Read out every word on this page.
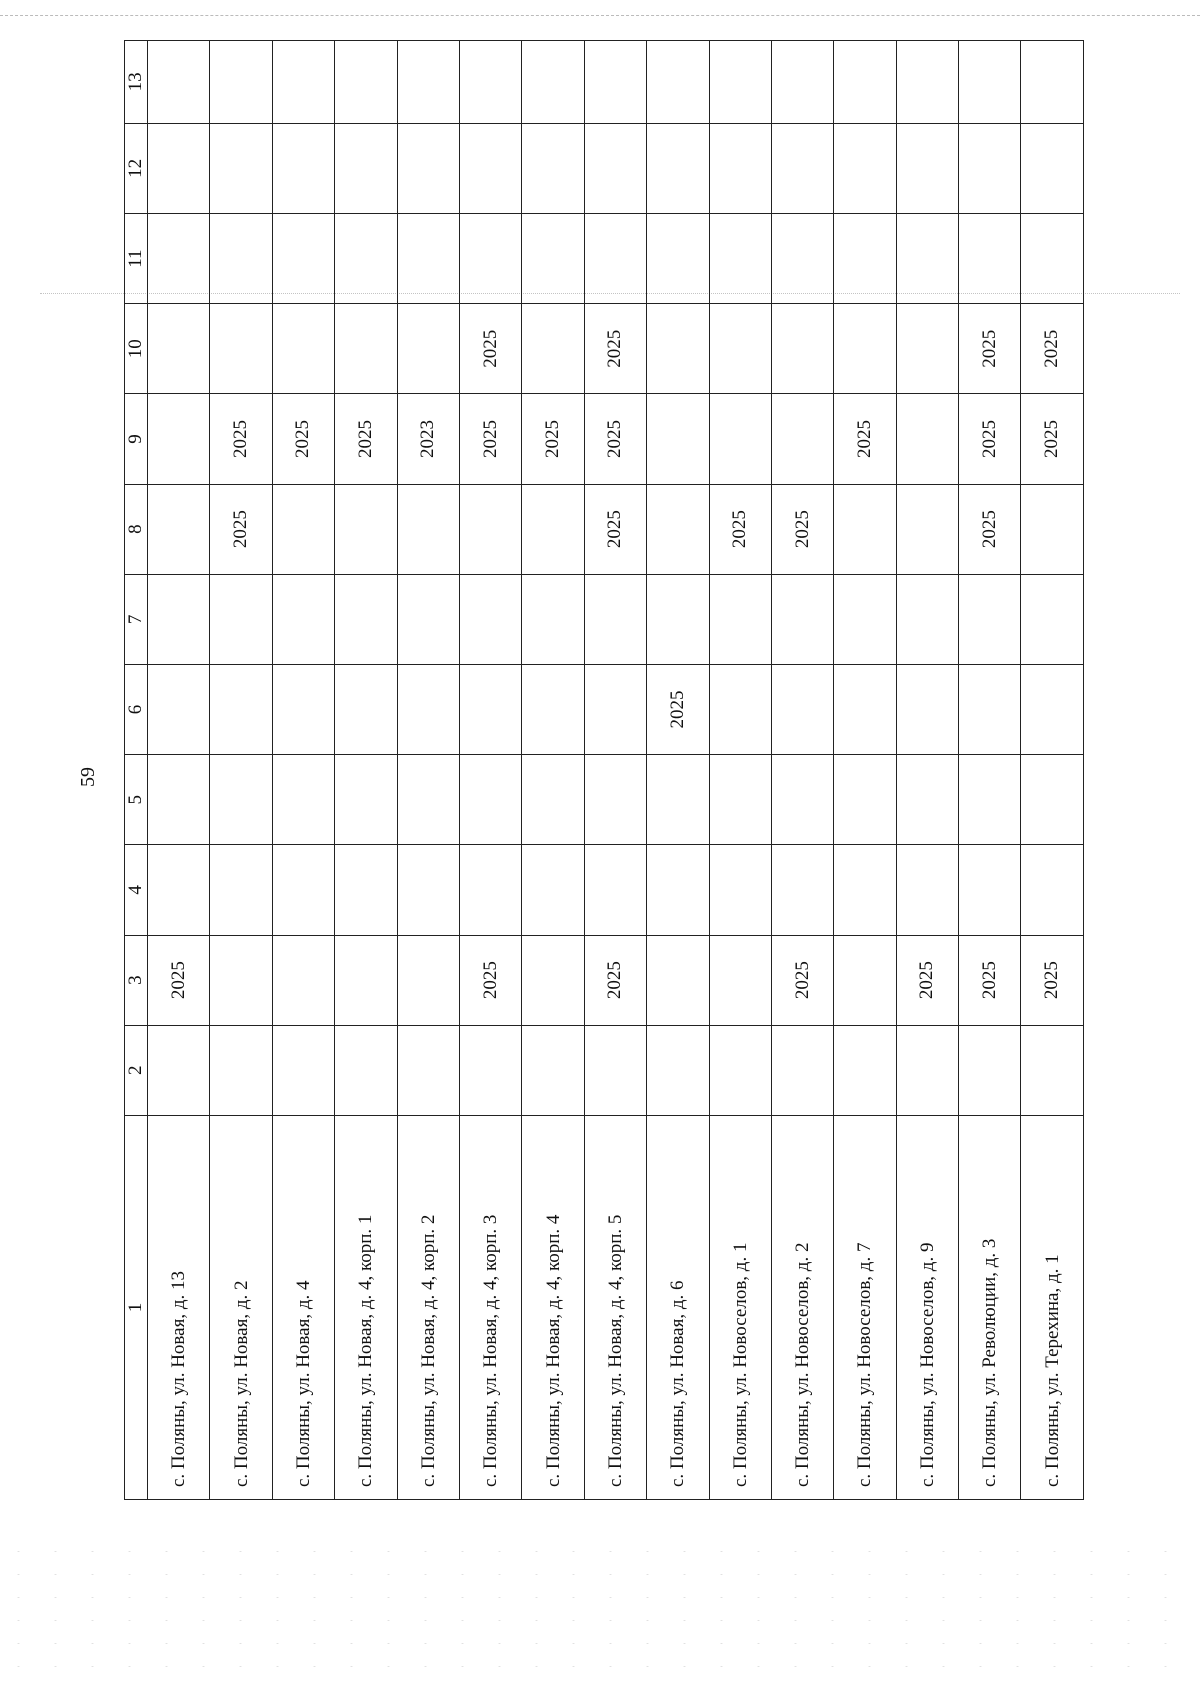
59
1	2	3	4	5	6	7	8	9	10	11	12	13
с. Поляны, ул. Новая, д. 13		2025										
с. Поляны, ул. Новая, д. 2							2025	2025				
с. Поляны, ул. Новая, д. 4								2025				
с. Поляны, ул. Новая, д. 4, корп. 1								2025				
с. Поляны, ул. Новая, д. 4, корп. 2								2023				
с. Поляны, ул. Новая, д. 4, корп. 3		2025						2025	2025			
с. Поляны, ул. Новая, д. 4, корп. 4								2025				
с. Поляны, ул. Новая, д. 4, корп. 5		2025					2025	2025	2025			
с. Поляны, ул. Новая, д. 6					2025							
с. Поляны, ул. Новоселов, д. 1							2025					
с. Поляны, ул. Новоселов, д. 2		2025					2025					
с. Поляны, ул. Новоселов, д. 7								2025				
с. Поляны, ул. Новоселов, д. 9		2025										
с. Поляны, ул. Революции, д. 3		2025					2025	2025	2025			
с. Поляны, ул. Терехина, д. 1		2025						2025	2025			
